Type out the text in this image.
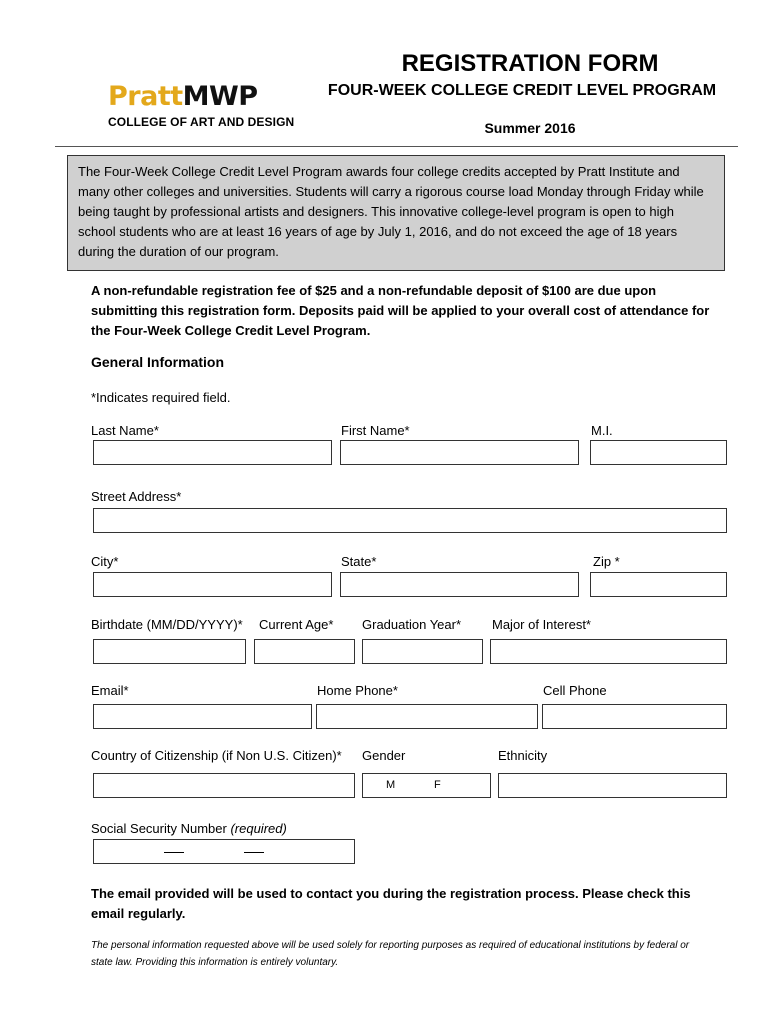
PrattMWP
COLLEGE OF ART AND DESIGN
REGISTRATION FORM
FOUR-WEEK COLLEGE CREDIT LEVEL PROGRAM
Summer 2016
The Four-Week College Credit Level Program awards four college credits accepted by Pratt Institute and many other colleges and universities. Students will carry a rigorous course load Monday through Friday while being taught by professional artists and designers. This innovative college-level program is open to high school students who are at least 16 years of age by July 1, 2016, and do not exceed the age of 18 years during the duration of our program.
A non-refundable registration fee of $25 and a non-refundable deposit of $100 are due upon submitting this registration form. Deposits paid will be applied to your overall cost of attendance for the Four-Week College Credit Level Program.
General Information
*Indicates required field.
Last Name*	First Name*	M.I.
Street Address*
City*	State*	Zip *
Birthdate (MM/DD/YYYY)* Current Age* Graduation Year* Major of Interest*
Email*	Home Phone*	Cell Phone
Country of Citizenship (if Non U.S. Citizen)* Gender	Ethnicity
M	F
Social Security Number (required)
The email provided will be used to contact you during the registration process. Please check this email regularly.
The personal information requested above will be used solely for reporting purposes as required of educational institutions by federal or state law. Providing this information is entirely voluntary.
